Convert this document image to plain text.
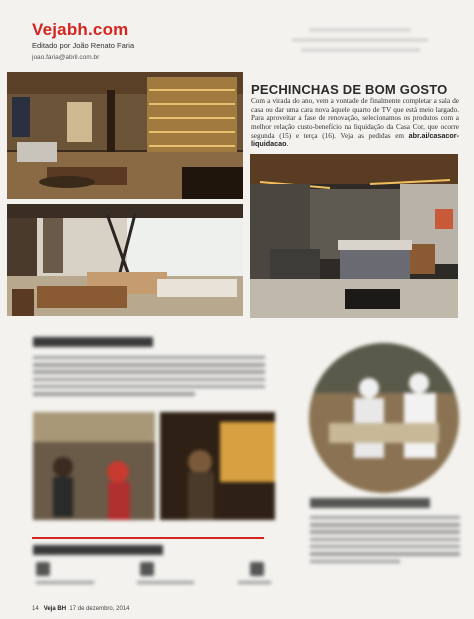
Vejabh.com
Editado por João Renato Faria
joao.faria@abril.com.br
PECHINCHAS DE BOM GOSTO

Com a virada do ano, vem a vontade de finalmente completar a sala de casa ou dar uma cara nova àquele quarto de TV que está meio largado. Para aproveitar a fase de renovação, selecionamos os produtos com a melhor relação custo-benefício na liquidação da Casa Cor, que ocorre segunda (15) e terça (16). Veja as pedidas em abr.ai/casacor-liquidacao.

14 Veja BH 17 de dezembro, 2014
